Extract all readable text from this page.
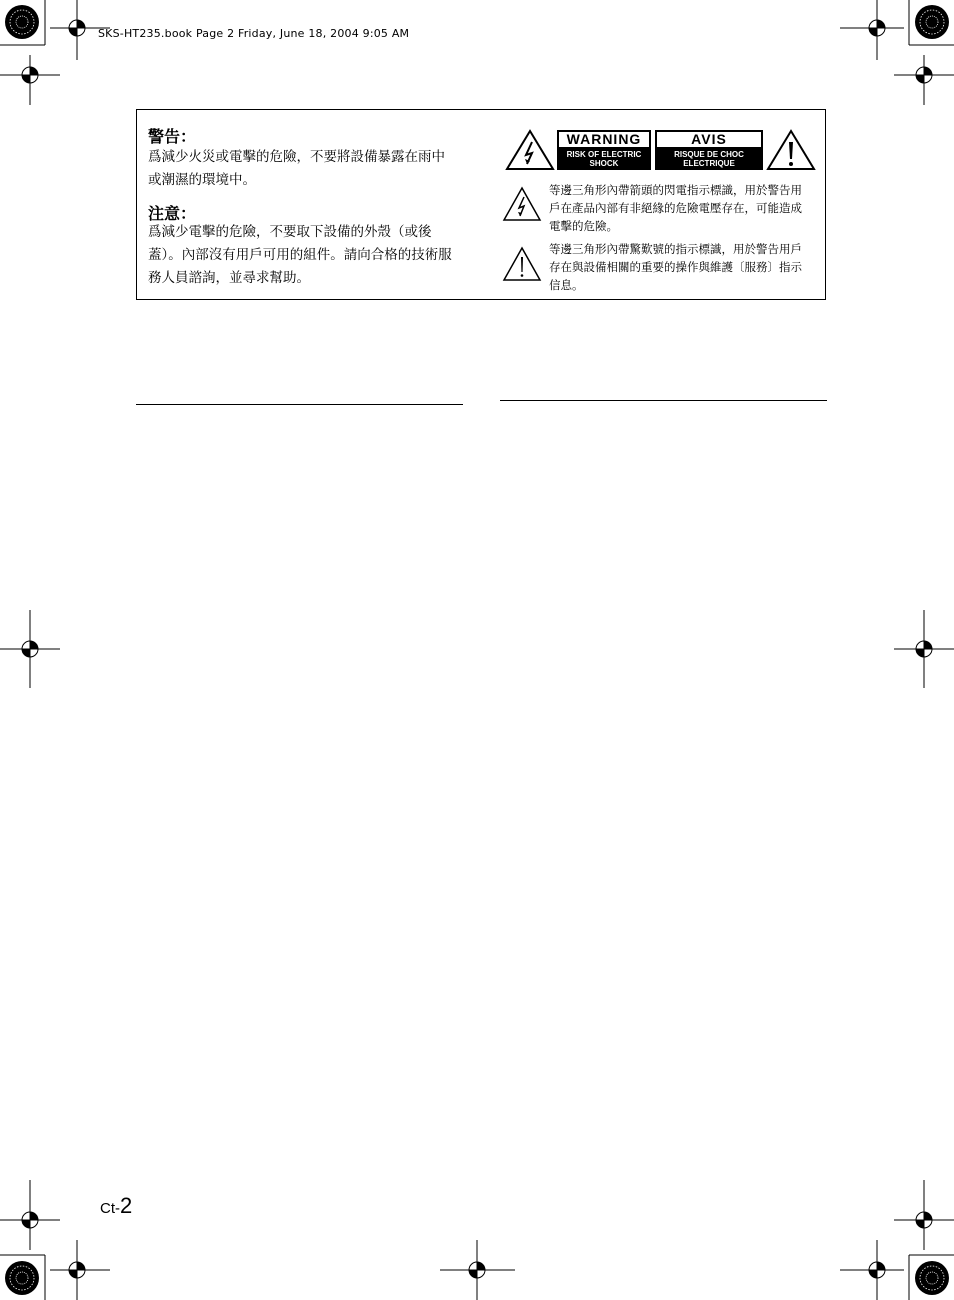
SKS-HT235.book Page 2 Friday, June 18, 2004 9:05 AM
警告：
爲減少火災或電擊的危險，不要將設備暴露在雨中或潮濕的環境中。
注意：
爲減少電擊的危險，不要取下設備的外殼（或後蓋）。內部沒有用戶可用的組件。請向合格的技術服務人員諮詢，並尋求幫助。
WARNING
RISK OF ELECTRIC SHOCK
DO NOT OPEN
AVIS
RISQUE DE CHOC ELECTRIQUE
NE PAS OUVRIR
等邊三角形內帶箭頭的閃電指示標識，用於警告用戶在產品內部有非絕緣的危險電壓存在，可能造成電擊的危險。
等邊三角形內帶驚歎號的指示標識，用於警告用戶存在與設備相關的重要的操作與維護〔服務〕指示信息。
Ct-2
